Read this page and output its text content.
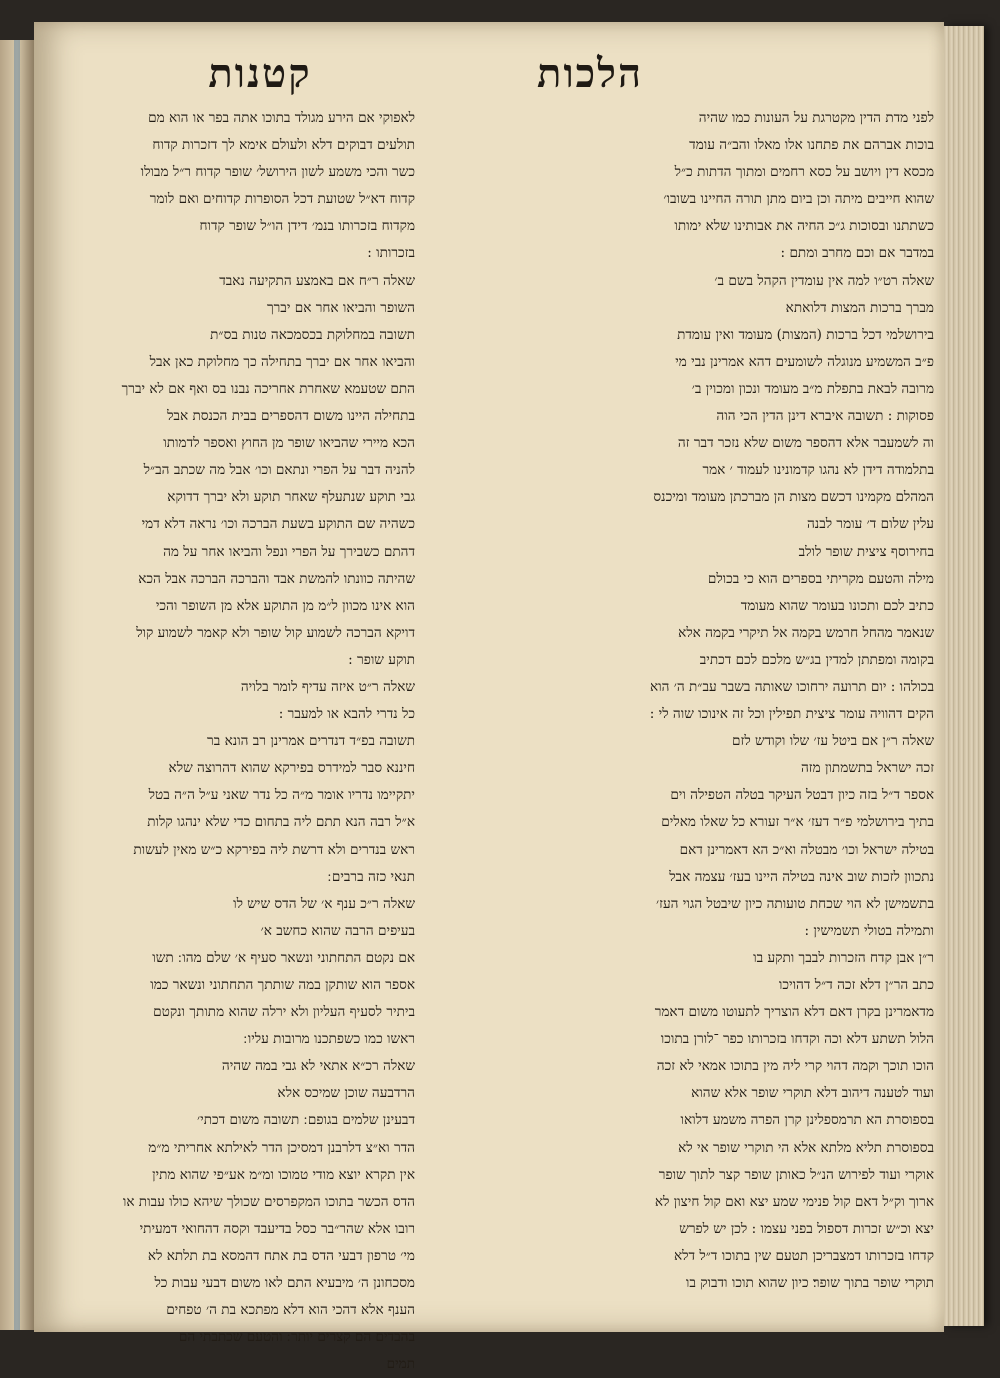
הלכות
קטנות
לפני מדת הדין מקטרגת על העונות כמו שהיה
בוכות אברהם את פתחנו אלו מאלו והב״ה עומד
מכסא דין ויושב על כסא רחמים ומתוך הדתות כ״ל
שהוא חייבים מיתה וכן ביום מתן תורה החיינו בשובו׳
כשתתנו ובסוכות ג״כ החיה את אבותינו שלא ימותו
במדבר אם וכם מחרב ומתם :
שאלה רט״ו למה אין עומדין הקהל בשם ב׳
מברך ברכות המצות דלואתא
בירושלמי דכל ברכות (המצות) מעומד ואין עומדת
פ״ב המשמיע מנוגלה לשומעים דהא אמרינן נבי מי
מרובה לבאת בתפלת מ״ב מעומד ונכון ומכוין ב׳
פסוקות : תשובה איברא דינן הדין הכי הוה
וה לשמעבר אלא דהספר משום שלא נזכר דבר זה
בתלמודה דידן לא נהגו קדמונינו לעמוד ׳ אמר
המהלם מקמינו דכשם מצות הן מברכתן מעומד ומיכנס
עלין שלום ד׳ עומר לבנה
בחירוסף ציצית שופר לולב
מילה והטעם מקריתי בספרים הוא כי בכולם
כתיב לכם ותכונו בעומר שהוא מעומד
שנאמר מהחל חרמש בקמה אל תיקרי בקמה אלא
בקומה ומפתתן למדין בג״ש מלכם לכם דכתיב
בכולהו : יום תרועה ירחוכו שאותה בשבר עב״ת ה׳ הוא
הקים דהוויה עומר ציצית תפילין וכל זה אינוכו שוה לי :
שאלה ר״ן אם ביטל עז׳ שלו וקודש לזם
זכה ישראל בתשמתון מזה
אספר ד״ל בזה כיון דבטל העיקר בטלה הטפילה וים
בתיך בירושלמי פ״ר דעז׳ א״ר זעורא כל שאלו מאלים
בטילה ישראל וכו׳ מבטלה וא״כ הא דאמרינן דאם
נתכוון לזכות שוב אינה בטילה היינו בעז׳ עצמה אבל
בתשמישן לא הוי שכחת טועותה כיון שיבטל הגוי העז׳
ותמילה בטולי תשמישין :
ר״ן אבן קדח הזכרות לבבך ותקע בו
כתב הר״ן דלא זכה ד״ל דהויכו
מדאמרינן בקרן דאם דלא הוצריך לתעוטו משום דאמר
הלול תשתע דלא וכה וקדחו בזכרותו כפר ־לורן בתוכו
הוכו תוכך וקמה דהוי קרי ליה מין בתוכו אמאי לא זכה
ועוד לטענה דיהוב דלא תוקרי שופר אלא שהוא
בספוסרת הא תרמספלינן קרן הפרה משמע דלואו
בספוסרת תליא מלתא אלא הי תוקרי שופר אי לא
אוקרי ועוד לפירוש הנ״ל כאותן שופר קצר לתוך שופר
ארוך וק״ל דאם קול פנימי שמע יצא ואם קול חיצון לא
יצא וכ״ש זכרות דספול בפני עצמו : לכן יש לפרש
קדחו בזכרותו דמצבריכן תטעם שין בתוכו ד״ל דלא
תוקרי שופר בתוך שופר׃ כיון שהוא תוכו ודבוק בו
לאפוקי אם הירע מגולד בתוכו אתה בפר או הוא מם
תולעים דבוקים דלא ולעולם אימא לך דזכרות קדוח
כשר והכי משמע לשון הירושל׳ שופר קדוח ר״ל מבולו
קדוח דא״ל שטועת דכל הסופרות קדוחים ואם לומר
מקדוח בזכרותו בנמ׳ דידן הו״ל שופר קדוח
בזכרותו :
שאלה ר״ח אם באמצע התקיעה נאבד
השופר והביאו אחר אם יברך
תשובה במחלוקת בכסמכאה טנות בס״ת
והביאו אחר אם יברך בתחילה כך מחלוקת כאן אבל
התם שטעמא שאחרת אחריכה נבנו בס ואף אם לא יברך
בתחילה היינו משום דהספרים בבית הכנסת אבל
הכא מיירי שהביאו שופר מן החוץ ואספר לדמותו
להניה דבר על הפרי ונתאם וכו׳ אבל מה שכתב הב״ל
גבי תוקע שנתעלף שאחר תוקע ולא יברך דדוקא
כשהיה שם התוקע בשעת הברכה וכו׳ נראה דלא דמי
דהתם כשבירך על הפרי ונפל והביאו אחר על מה
שהיתה כוונתו להמשת אבד והברכה הברכה אבל הכא
הוא אינו מכוון ל״מ מן התוקע אלא מן השופר והכי
דויקא הברכה לשמוע קול שופר ולא קאמר לשמוע קול
תוקע שופר :
שאלה ר״ט איזה עדיף לומר בלויה
כל נדרי להבא או למעבר :
תשובה בפ״ד דנדרים אמרינן רב הונא בר
חיננא סבר למידרס בפירקא שהוא דהרוצה שלא
יתקיימו נדריו אומר מ״ה כל נדר שאני ע״ל ה״ה בטל
א״ל רבה הנא תתם ליה בתחום כדי שלא ינהגו קלות
ראש בנדרים ולא דרשת ליה בפירקא כ״ש מאין לעשות
תנאי כזה ברבים ׃
שאלה ר״כ ענף א׳ של הדס שיש לו
בעיפים הרבה שהוא כחשב א׳
אם נקטם התחתוני ונשאר סעיף א׳ שלם מהו ׃ תשו
אספר הוא שותקן במה שותתך התחתוני ונשאר כמו
ביתיר לסעיף העליון ולא ירלה שהוא מתותך ונקטם
ראשו כמו כשפתכנו מרובות עליו ׃
שאלה רכ״א אתאי לא גבי במה שהיה
הרדבעה שוכן שמיכס אלא
דבעינן שלמים בגופם ׃ תשובה משום דכתי׳
הדר וא״צ דלרבנן דמסיכן הדר לאילתא אחריתי מ״מ
אין תקרא יוצא מודי טמוכו ומ״מ אע״פי שהוא מתין
הדס הכשר בתוכו המקפרסים שכולך שיהא כולו עבות או
רובו אלא שהר״בר כסל בדיעבד וקסה דהחואי דמעיתי
מי׳ טרפון דבעי הדס בת אתח דהמסא בת תלתא לא
מסכחונן ה׳ מיבעיא התם לאו משום דבעי עבות כל
הענף אלא דהכי הוא דלא מפתכא בת ה׳ טפחים
בהבדים הם קצרים יותר ׃ והטעם שכתבתי הם
תמים
